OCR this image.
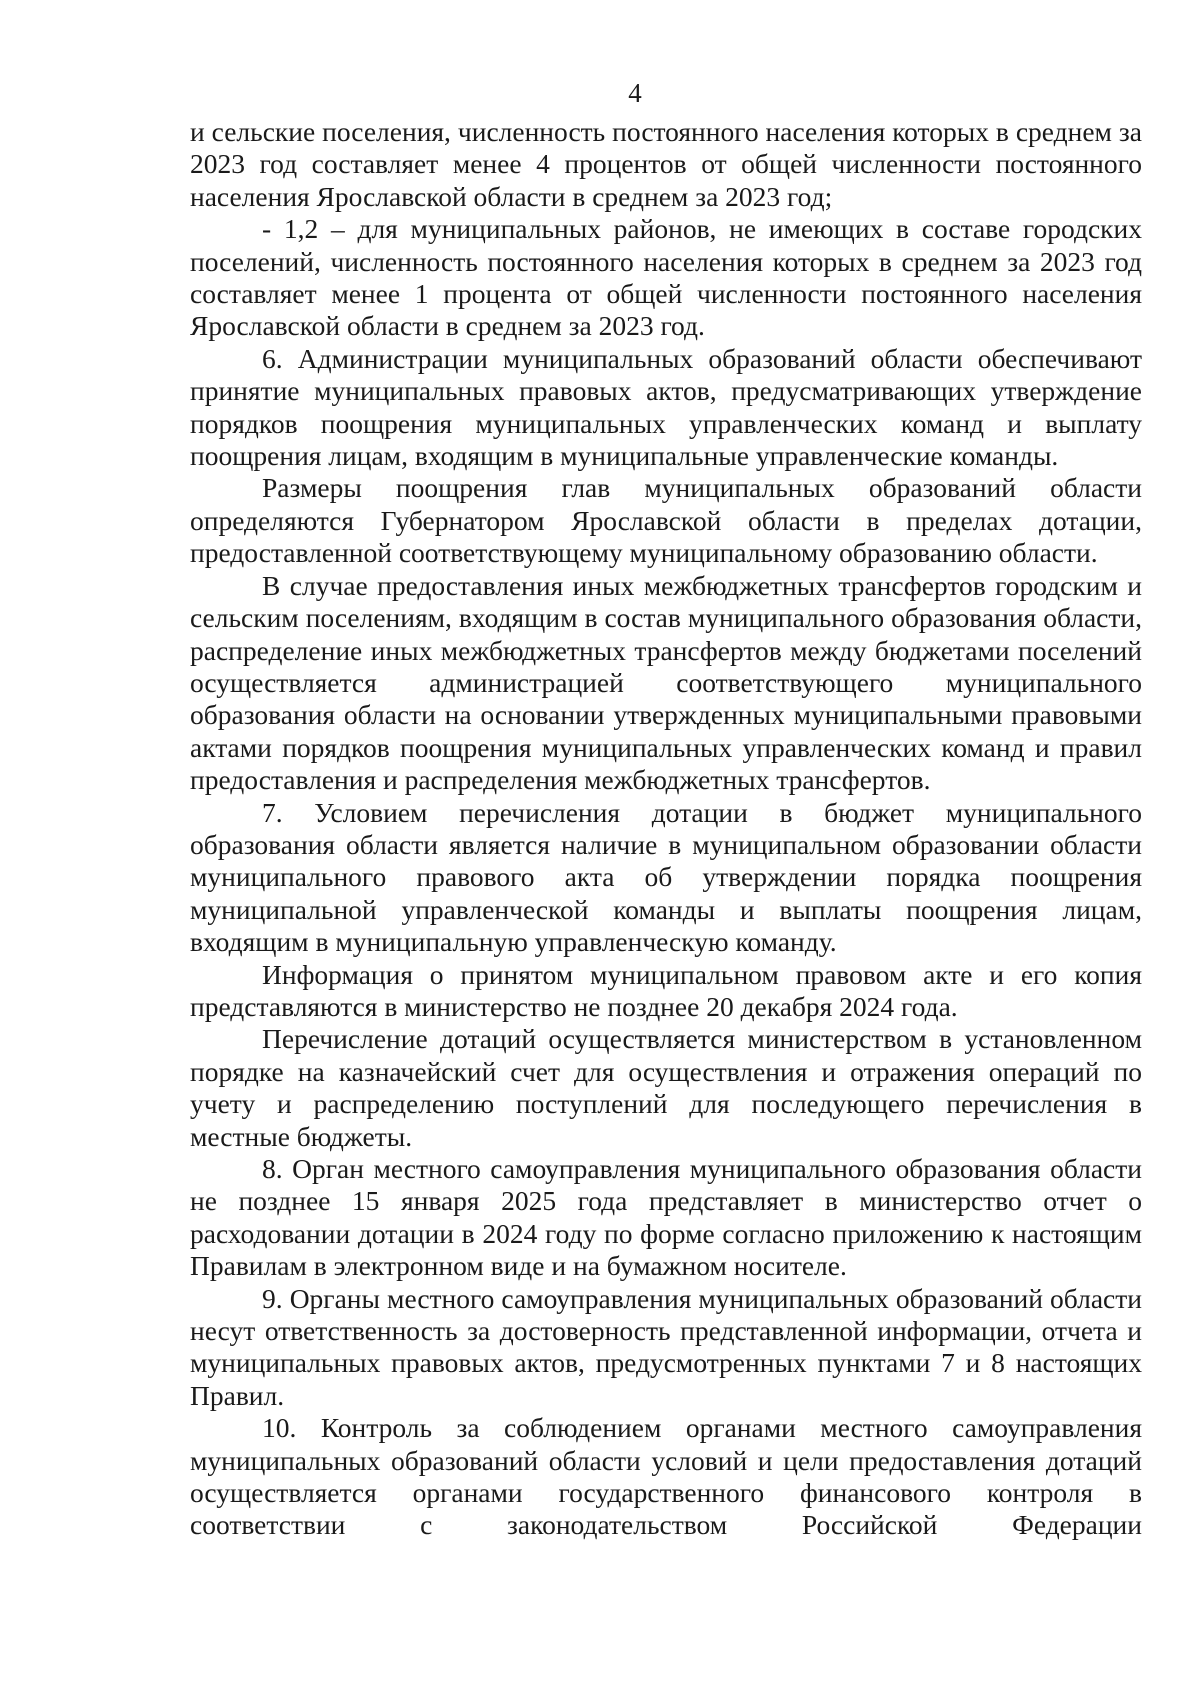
4

и сельские поселения, численность постоянного населения которых в среднем за 2023 год составляет менее 4 процентов от общей численности постоянного населения Ярославской области в среднем за 2023 год;

- 1,2 – для муниципальных районов, не имеющих в составе городских поселений, численность постоянного населения которых в среднем за 2023 год составляет менее 1 процента от общей численности постоянного населения Ярославской области в среднем за 2023 год.

6. Администрации муниципальных образований области обеспечивают принятие муниципальных правовых актов, предусматривающих утверждение порядков поощрения муниципальных управленческих команд и выплату поощрения лицам, входящим в муниципальные управленческие команды.

Размеры поощрения глав муниципальных образований области определяются Губернатором Ярославской области в пределах дотации, предоставленной соответствующему муниципальному образованию области.

В случае предоставления иных межбюджетных трансфертов городским и сельским поселениям, входящим в состав муниципального образования области, распределение иных межбюджетных трансфертов между бюджетами поселений осуществляется администрацией соответствующего муниципального образования области на основании утвержденных муниципальными правовыми актами порядков поощрения муниципальных управленческих команд и правил предоставления и распределения межбюджетных трансфертов.

7. Условием перечисления дотации в бюджет муниципального образования области является наличие в муниципальном образовании области муниципального правового акта об утверждении порядка поощрения муниципальной управленческой команды и выплаты поощрения лицам, входящим в муниципальную управленческую команду.

Информация о принятом муниципальном правовом акте и его копия представляются в министерство не позднее 20 декабря 2024 года.

Перечисление дотаций осуществляется министерством в установленном порядке на казначейский счет для осуществления и отражения операций по учету и распределению поступлений для последующего перечисления в местные бюджеты.

8. Орган местного самоуправления муниципального образования области не позднее 15 января 2025 года представляет в министерство отчет о расходовании дотации в 2024 году по форме согласно приложению к настоящим Правилам в электронном виде и на бумажном носителе.

9. Органы местного самоуправления муниципальных образований области несут ответственность за достоверность представленной информации, отчета и муниципальных правовых актов, предусмотренных пунктами 7 и 8 настоящих Правил.

10. Контроль за соблюдением органами местного самоуправления муниципальных образований области условий и цели предоставления дотаций осуществляется органами государственного финансового контроля в соответствии с законодательством Российской Федерации
